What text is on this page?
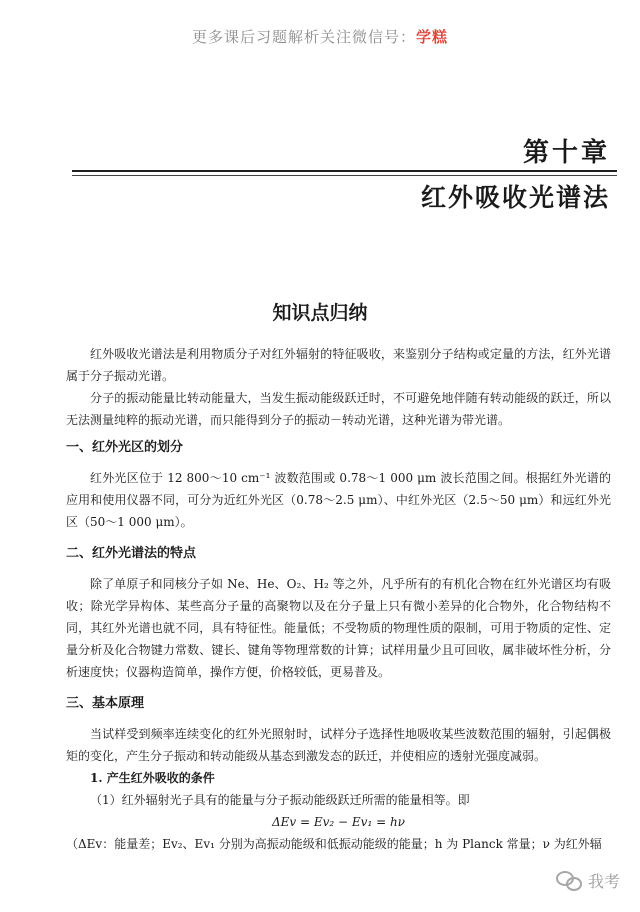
更多课后习题解析关注微信号：学糕
第十章
红外吸收光谱法
知识点归纳

红外吸收光谱法是利用物质分子对红外辐射的特征吸收，来鉴别分子结构或定量的方法，红外光谱属于分子振动光谱。

分子的振动能量比转动能量大，当发生振动能级跃迁时，不可避免地伴随有转动能级的跃迁，所以无法测量纯粹的振动光谱，而只能得到分子的振动－转动光谱，这种光谱为带光谱。

一、红外光区的划分

红外光区位于 12 800～10 cm⁻¹ 波数范围或 0.78～1 000 μm 波长范围之间。根据红外光谱的应用和使用仪器不同，可分为近红外光区（0.78～2.5 μm）、中红外光区（2.5～50 μm）和远红外光区（50～1 000 μm）。

二、红外光谱法的特点

除了单原子和同核分子如 Ne、He、O₂、H₂ 等之外，凡乎所有的有机化合物在红外光谱区均有吸收；除光学异构体、某些高分子量的高聚物以及在分子量上只有微小差异的化合物外，化合物结构不同，其红外光谱也就不同，具有特征性。能量低；不受物质的物理性质的限制，可用于物质的定性、定量分析及化合物键力常数、键长、键角等物理常数的计算；试样用量少且可回收，属非破坏性分析，分析速度快；仪器构造简单，操作方便，价格较低，更易普及。

三、基本原理

当试样受到频率连续变化的红外光照射时，试样分子选择性地吸收某些波数范围的辐射，引起偶极矩的变化，产生分子振动和转动能级从基态到激发态的跃迁，并使相应的透射光强度减弱。

1. 产生红外吸收的条件

（1）红外辐射光子具有的能量与分子振动能级跃迁所需的能量相等。即

ΔEv = Ev₂ − Ev₁ = hν

（ΔEv：能量差；Ev₂、Ev₁ 分别为高振动能级和低振动能级的能量；h 为 Planck 常量；ν 为红外辐

我考
